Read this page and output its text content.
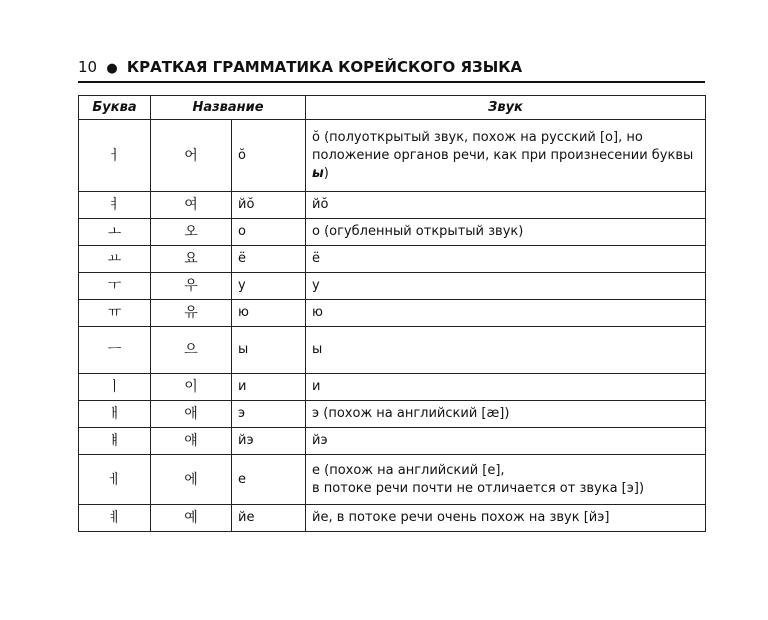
10 ● КРАТКАЯ ГРАММАТИКА КОРЕЙСКОГО ЯЗЫКА
Буква	Название		Звук
ㅓ	어	ŏ	ŏ (полуоткрытый звук, похож на русский [о], но положение органов речи, как при произнесении буквы ы)
ㅕ	여	йŏ	йŏ
ㅗ	오	о	о (огубленный открытый звук)
ㅛ	요	ё	ё
ㅜ	우	у	у
ㅠ	유	ю	ю
ㅡ	으	ы	ы
ㅣ	이	и	и
ㅐ	애	э	э (похож на английский [æ])
ㅒ	얘	йэ	йэ
ㅔ	에	е	е (похож на английский [e],
в потоке речи почти не отличается от звука [э])

ㅖ	예	йе	йе, в потоке речи очень похож на звук [йэ]
